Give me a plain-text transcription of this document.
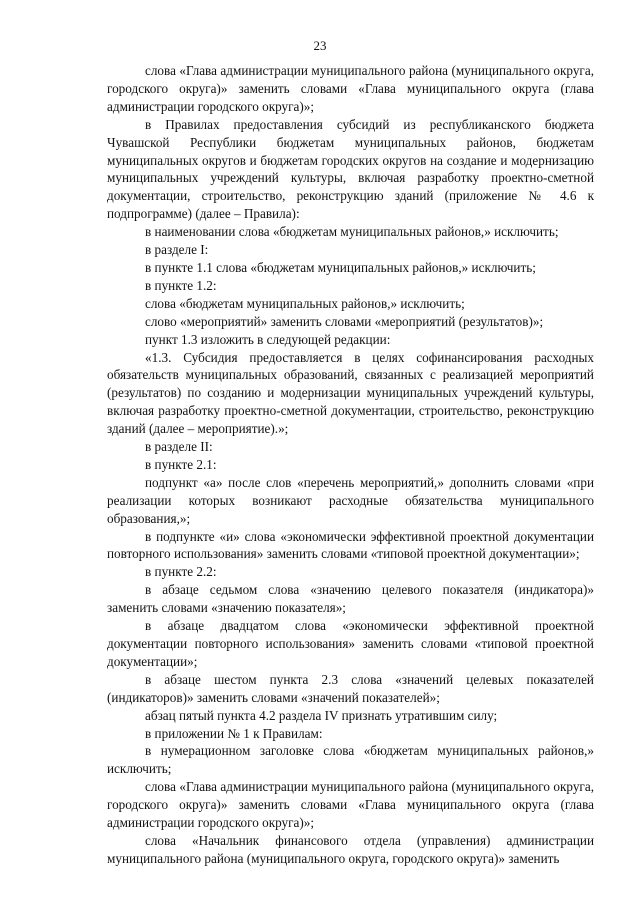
23

слова «Глава администрации муниципального района (муниципального округа, городского округа)» заменить словами «Глава муниципального округа (глава администрации городского округа)»;

в Правилах предоставления субсидий из республиканского бюджета Чувашской Республики бюджетам муниципальных районов, бюджетам муниципальных округов и бюджетам городских округов на создание и модернизацию муниципальных учреждений культуры, включая разработку проектно-сметной документации, строительство, реконструкцию зданий (приложение № 4.6 к подпрограмме) (далее – Правила):

в наименовании слова «бюджетам муниципальных районов,» исключить;

в разделе I:

в пункте 1.1 слова «бюджетам муниципальных районов,» исключить;

в пункте 1.2:

слова «бюджетам муниципальных районов,» исключить;

слово «мероприятий» заменить словами «мероприятий (результатов)»;

пункт 1.3 изложить в следующей редакции:

«1.3. Субсидия предоставляется в целях софинансирования расходных обязательств муниципальных образований, связанных с реализацией мероприятий (результатов) по созданию и модернизации муниципальных учреждений культуры, включая разработку проектно-сметной документации, строительство, реконструкцию зданий (далее – мероприятие).»;

в разделе II:

в пункте 2.1:

подпункт «а» после слов «перечень мероприятий,» дополнить словами «при реализации которых возникают расходные обязательства муниципального образования,»;

в подпункте «и» слова «экономически эффективной проектной документации повторного использования» заменить словами «типовой проектной документации»;

в пункте 2.2:

в абзаце седьмом слова «значению целевого показателя (индикатора)» заменить словами «значению показателя»;

в абзаце двадцатом слова «экономически эффективной проектной документации повторного использования» заменить словами «типовой проектной документации»;

в абзаце шестом пункта 2.3 слова «значений целевых показателей (индикаторов)» заменить словами «значений показателей»;

абзац пятый пункта 4.2 раздела IV признать утратившим силу;

в приложении № 1 к Правилам:

в нумерационном заголовке слова «бюджетам муниципальных районов,» исключить;

слова «Глава администрации муниципального района (муниципального округа, городского округа)» заменить словами «Глава муниципального округа (глава администрации городского округа)»;

слова «Начальник финансового отдела (управления) администрации муниципального района (муниципального округа, городского округа)» заменить
